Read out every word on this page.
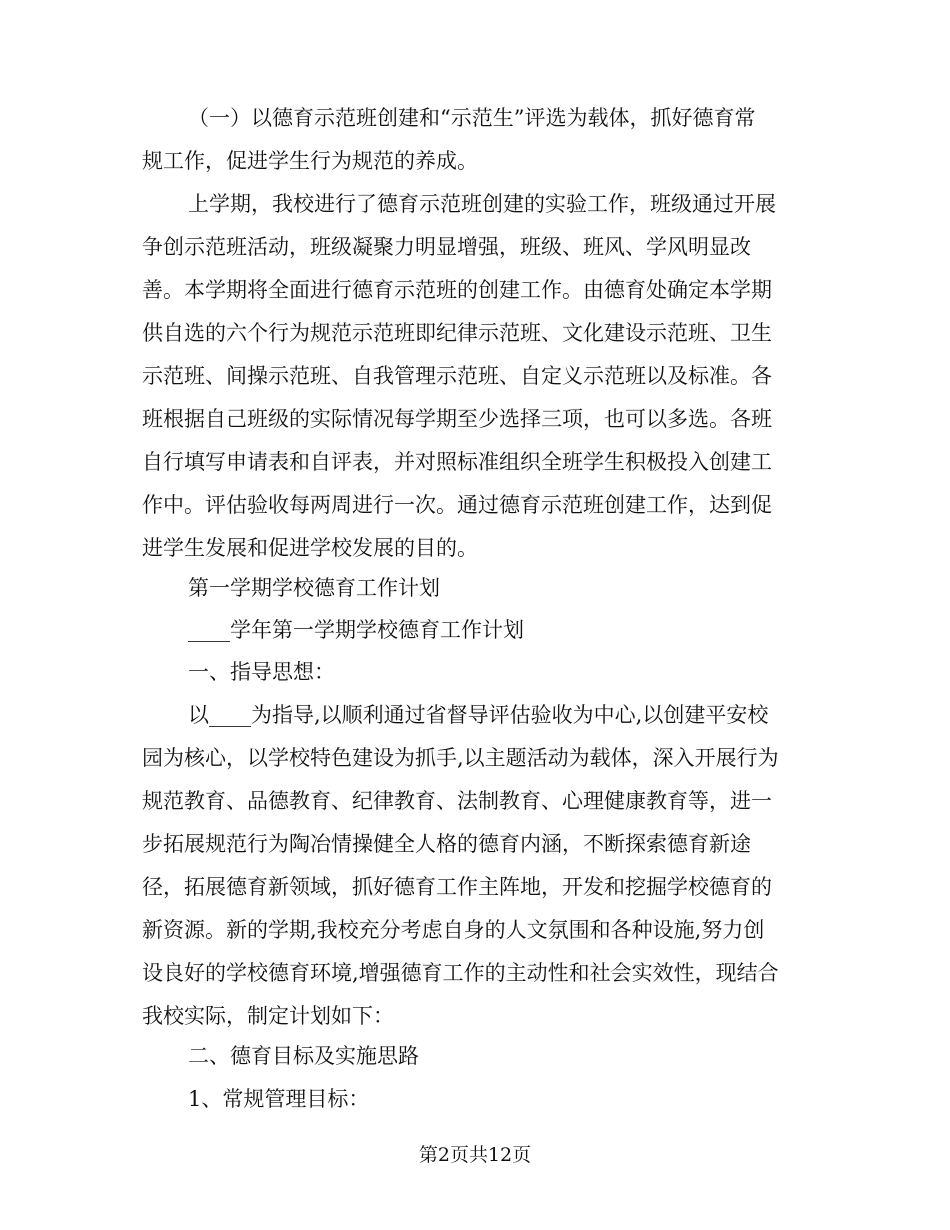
（一）以德育示范班创建和“示范生”评选为载体，抓好德育常

规工作，促进学生行为规范的养成。

上学期，我校进行了德育示范班创建的实验工作，班级通过开展

争创示范班活动，班级凝聚力明显增强，班级、班风、学风明显改

善。本学期将全面进行德育示范班的创建工作。由德育处确定本学期

供自选的六个行为规范示范班即纪律示范班、文化建设示范班、卫生

示范班、间操示范班、自我管理示范班、自定义示范班以及标准。各

班根据自己班级的实际情况每学期至少选择三项，也可以多选。各班

自行填写申请表和自评表，并对照标准组织全班学生积极投入创建工

作中。评估验收每两周进行一次。通过德育示范班创建工作，达到促

进学生发展和促进学校发展的目的。

第一学期学校德育工作计划

____学年第一学期学校德育工作计划

一、指导思想：

以____为指导,以顺利通过省督导评估验收为中心,以创建平安校

园为核心，以学校特色建设为抓手,以主题活动为载体，深入开展行为

规范教育、品德教育、纪律教育、法制教育、心理健康教育等，进一

步拓展规范行为陶冶情操健全人格的德育内涵，不断探索德育新途

径，拓展德育新领域，抓好德育工作主阵地，开发和挖掘学校德育的

新资源。新的学期,我校充分考虑自身的人文氛围和各种设施,努力创

设良好的学校德育环境,增强德育工作的主动性和社会实效性，现结合

我校实际，制定计划如下：

二、德育目标及实施思路

1、常规管理目标：

第2页共12页
